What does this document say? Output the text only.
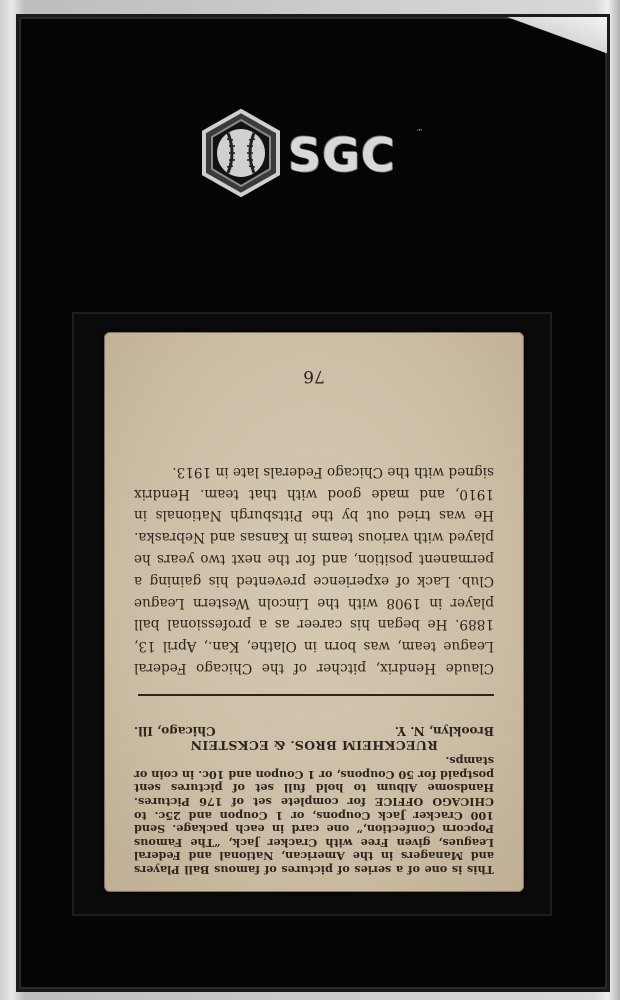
SGC	™

This is one of a series of pictures of famous Ball Players and Managers in the American, National and Federal Leagues, given Free with Cracker Jack, “The Famous Popcorn Confection,” one card in each package. Send 100 Cracker Jack Coupons, or 1 Coupon and 25c. to CHICAGO OFFICE for complete set of 176 Pictures. Handsome Album to hold full set of pictures sent postpaid for 50 Coupons, or 1 Coupon and 10c. in coin or stamps.

RUECKHEIM BROS. & ECKSTEIN

Brooklyn, N. Y.
Chicago, Ill.

Claude Hendrix, pitcher of the Chicago Federal League team, was born in Olathe, Kan., April 13, 1889. He began his career as a professional ball player in 1908 with the Lincoln Western League Club. Lack of experience prevented his gaining a permanent position, and for the next two years he played with various teams in Kansas and Nebraska. He was tried out by the Pittsburgh Nationals in 1910, and made good with that team. Hendrix signed with the Chicago Federals late in 1913.
76
